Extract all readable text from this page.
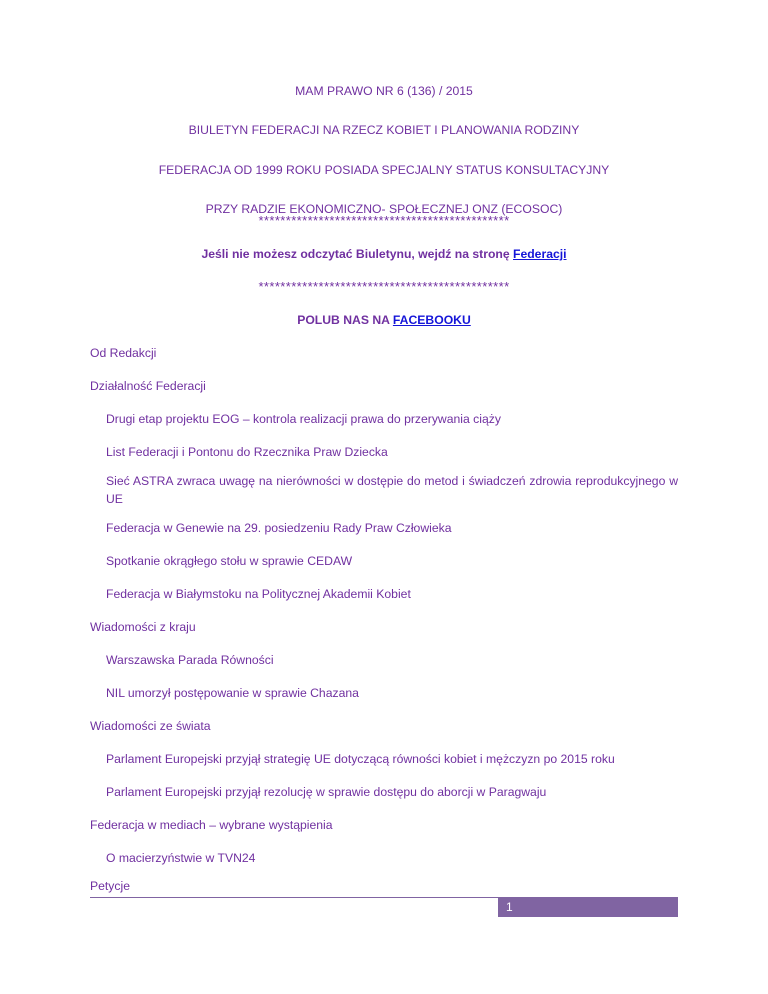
MAM PRAWO NR 6 (136) / 2015
BIULETYN FEDERACJI NA RZECZ KOBIET I PLANOWANIA RODZINY
FEDERACJA OD 1999 ROKU POSIADA SPECJALNY STATUS KONSULTACYJNY
PRZY RADZIE EKONOMICZNO- SPOŁECZNEJ ONZ (ECOSOC)
**********************************************
Jeśli nie możesz odczytać Biuletynu, wejdź na stronę Federacji
**********************************************
POLUB NAS NA FACEBOOKU
Od Redakcji
Działalność Federacji
Drugi etap projektu EOG – kontrola realizacji prawa do przerywania ciąży
List Federacji i Pontonu do Rzecznika Praw Dziecka
Sieć ASTRA zwraca uwagę na nierówności w dostępie do metod i świadczeń zdrowia reprodukcyjnego w UE
Federacja w Genewie na 29. posiedzeniu Rady Praw Człowieka
Spotkanie okrągłego stołu w sprawie CEDAW
Federacja w Białymstoku na Politycznej Akademii Kobiet
Wiadomości z kraju
Warszawska Parada Równości
NIL umorzył postępowanie w sprawie Chazana
Wiadomości ze świata
Parlament Europejski przyjął strategię UE dotyczącą równości kobiet i mężczyzn po 2015 roku
Parlament Europejski przyjął rezolucję w sprawie dostępu do aborcji w Paragwaju
Federacja w mediach – wybrane wystąpienia
O macierzyństwie w TVN24
Petycje
1
